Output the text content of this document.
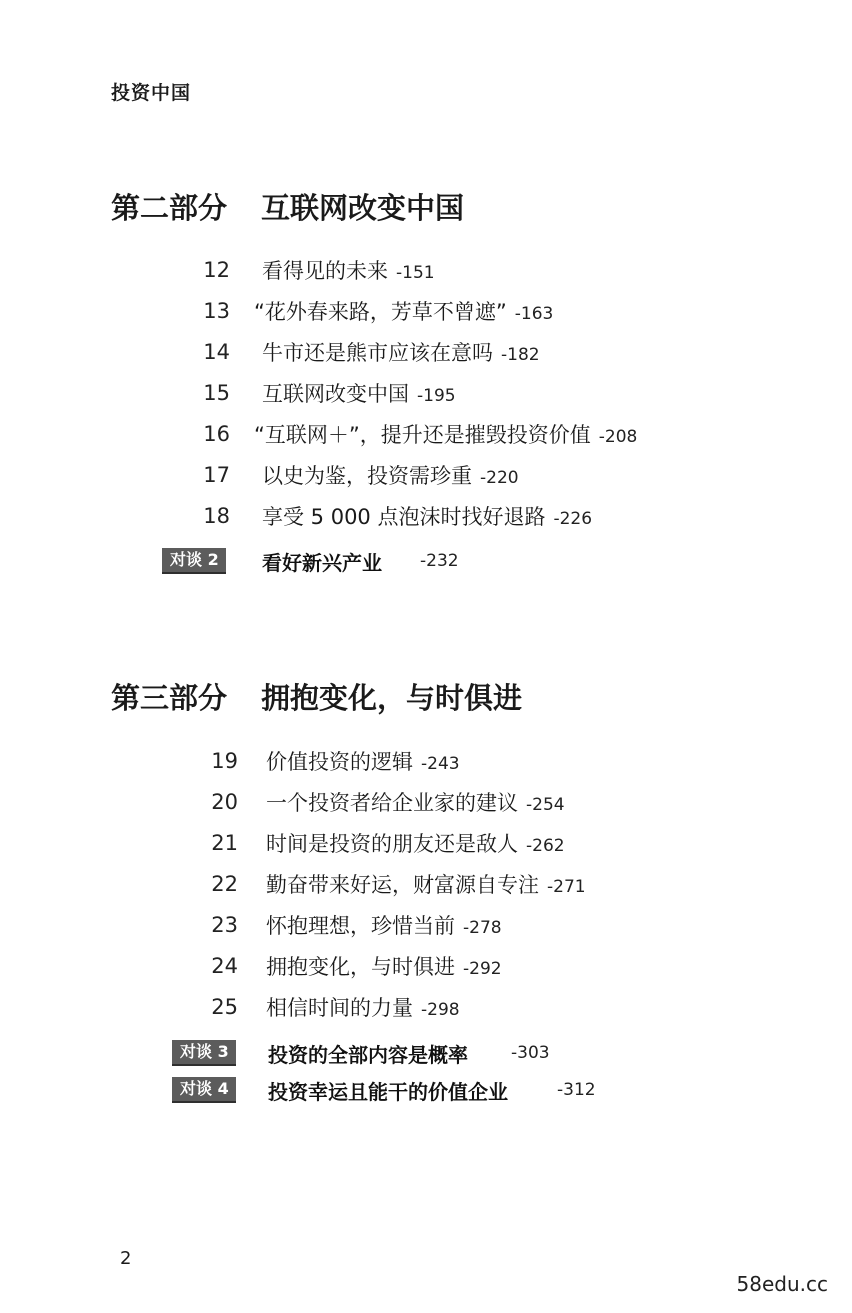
投资中国
第二部分 互联网改变中国
12 看得见的未来 -151
13 “花外春来路，芳草不曾遮” -163
14 牛市还是熊市应该在意吗 -182
15 互联网改变中国 -195
16 “互联网＋”，提升还是摧毁投资价值 -208
17 以史为鉴，投资需珍重 -220
18 享受 5 000 点泡沫时找好退路 -226
对谈 2	看好新兴产业 -232
第三部分 拥抱变化，与时俱进
19 价值投资的逻辑 -243
20 一个投资者给企业家的建议 -254
21 时间是投资的朋友还是敌人 -262
22 勤奋带来好运，财富源自专注 -271
23 怀抱理想，珍惜当前 -278
24 拥抱变化，与时俱进 -292
25 相信时间的力量 -298
对谈 3	投资的全部内容是概率	-303
对谈 4	投资幸运且能干的价值企业	-312
2
58edu.cc
